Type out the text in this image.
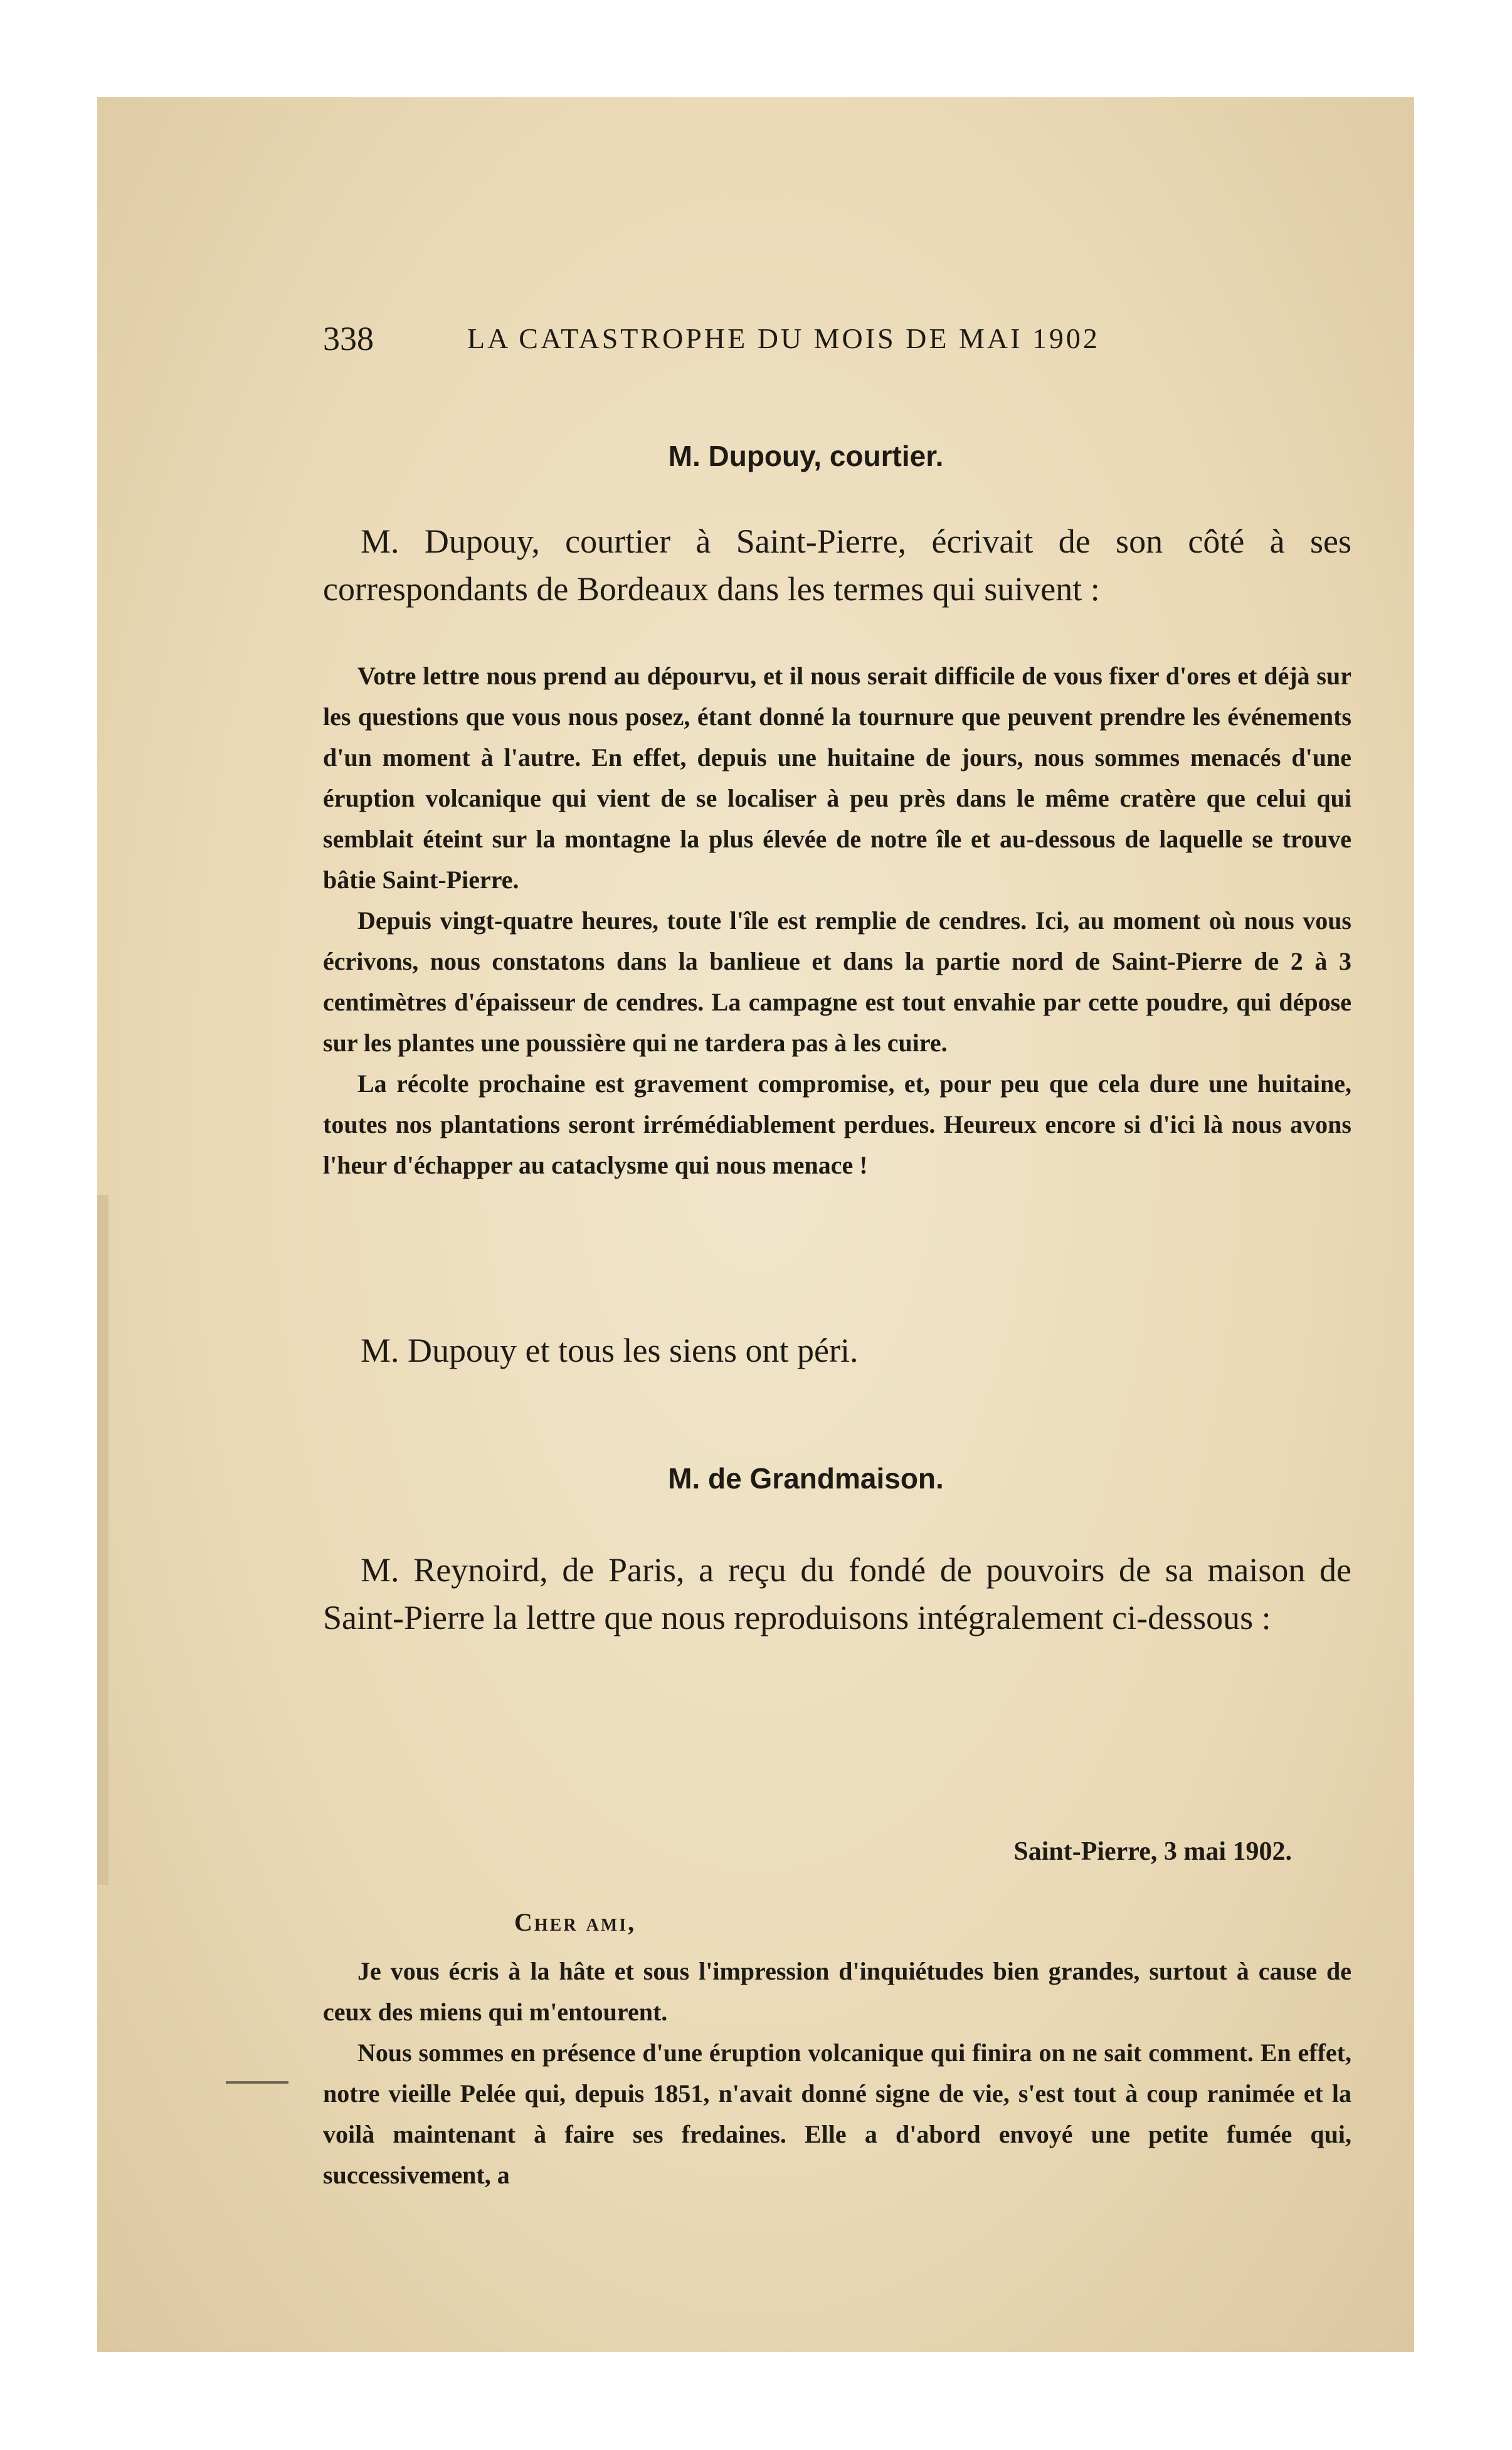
338	LA CATASTROPHE DU MOIS DE MAI 1902
M. Dupouy, courtier.

M. Dupouy, courtier à Saint-Pierre, écrivait de son côté à ses correspondants de Bordeaux dans les termes qui suivent :

Votre lettre nous prend au dépourvu, et il nous serait difficile de vous fixer d'ores et déjà sur les questions que vous nous posez, étant donné la tournure que peuvent prendre les événements d'un moment à l'autre. En effet, depuis une huitaine de jours, nous sommes menacés d'une éruption volcanique qui vient de se localiser à peu près dans le même cratère que celui qui semblait éteint sur la montagne la plus élevée de notre île et au-dessous de laquelle se trouve bâtie Saint-Pierre.

Depuis vingt-quatre heures, toute l'île est remplie de cendres. Ici, au moment où nous vous écrivons, nous constatons dans la banlieue et dans la partie nord de Saint-Pierre de 2 à 3 centimètres d'épaisseur de cendres. La campagne est tout envahie par cette poudre, qui dépose sur les plantes une poussière qui ne tardera pas à les cuire.

La récolte prochaine est gravement compromise, et, pour peu que cela dure une huitaine, toutes nos plantations seront irrémédiablement perdues. Heureux encore si d'ici là nous avons l'heur d'échapper au cataclysme qui nous menace !

M. Dupouy et tous les siens ont péri.

M. de Grandmaison.

M. Reynoird, de Paris, a reçu du fondé de pouvoirs de sa maison de Saint-Pierre la lettre que nous reproduisons intégralement ci-dessous :

Saint-Pierre, 3 mai 1902.
Cher ami,

Je vous écris à la hâte et sous l'impression d'inquiétudes bien grandes, surtout à cause de ceux des miens qui m'entourent.

Nous sommes en présence d'une éruption volcanique qui finira on ne sait comment. En effet, notre vieille Pelée qui, depuis 1851, n'avait donné signe de vie, s'est tout à coup ranimée et la voilà maintenant à faire ses fredaines. Elle a d'abord envoyé une petite fumée qui, successivement, a
